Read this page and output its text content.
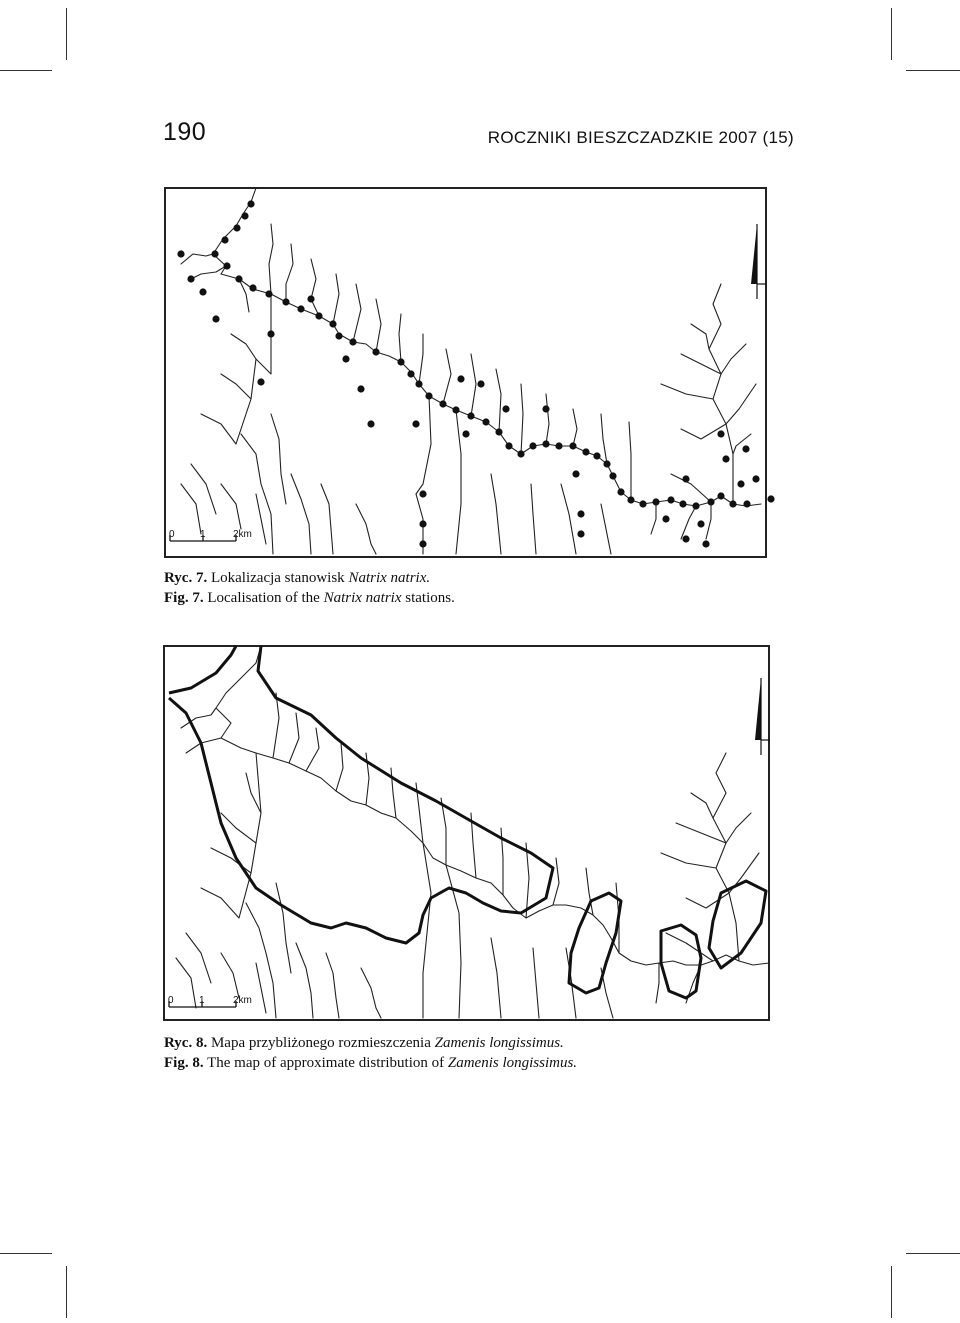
190	ROCZNIKI BIESZCZADZKIE 2007 (15)
0	1	2km
Ryc. 7. Lokalizacja stanowisk Natrix natrix.
Fig. 7. Localisation of the Natrix natrix stations.
0	1	2km
Ryc. 8. Mapa przybliżonego rozmieszczenia Zamenis longissimus.
Fig. 8. The map of approximate distribution of Zamenis longissimus.
